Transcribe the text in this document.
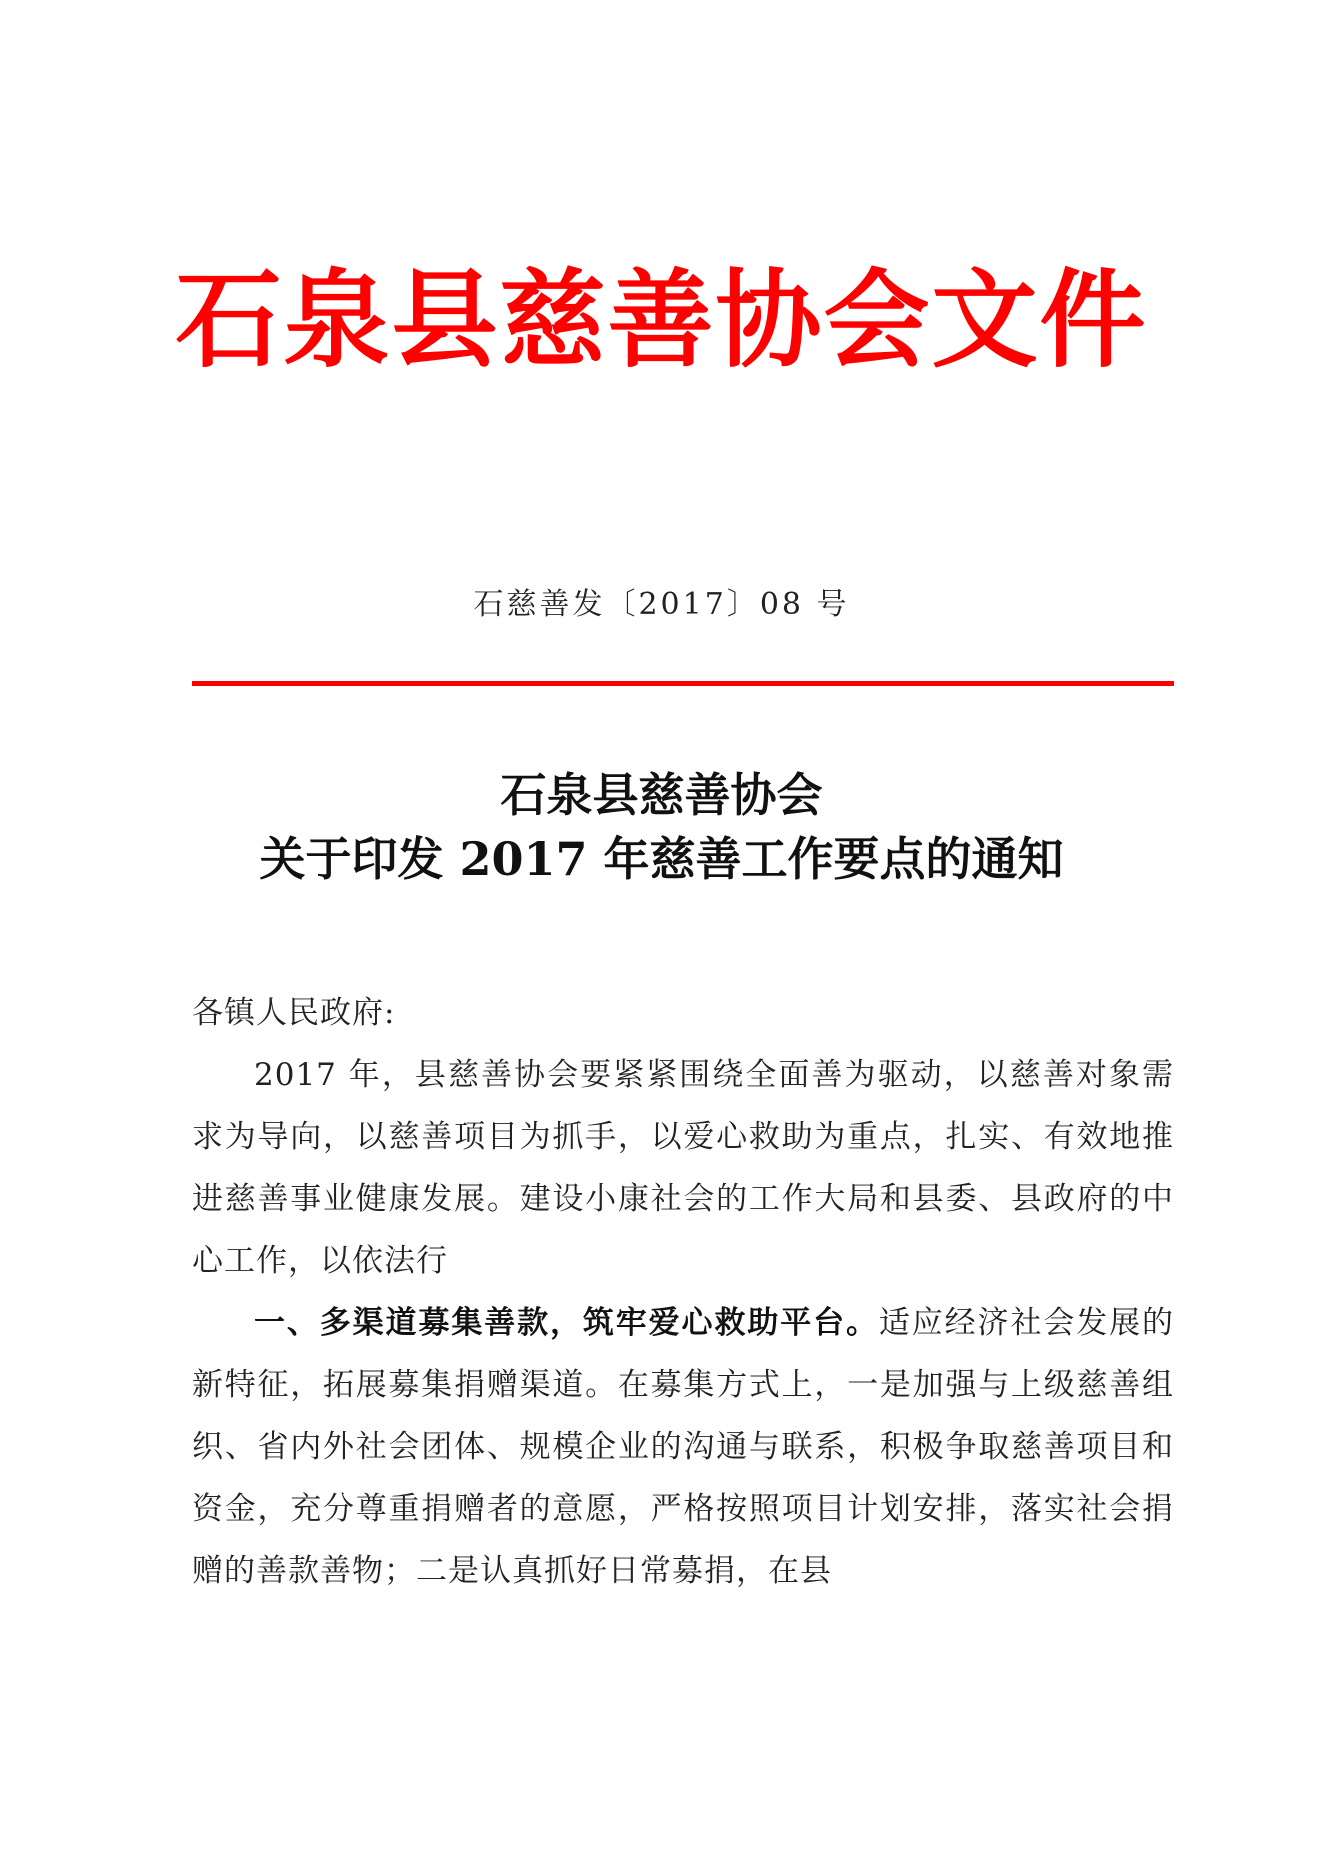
石泉县慈善协会文件
石慈善发〔2017〕08 号
石泉县慈善协会
关于印发 2017 年慈善工作要点的通知

各镇人民政府:

2017 年，县慈善协会要紧紧围绕全面善为驱动，以慈善对象需求为导向，以慈善项目为抓手，以爱心救助为重点，扎实、有效地推进慈善事业健康发展。建设小康社会的工作大局和县委、县政府的中心工作，以依法行

一、多渠道募集善款，筑牢爱心救助平台。适应经济社会发展的新特征，拓展募集捐赠渠道。在募集方式上，一是加强与上级慈善组织、省内外社会团体、规模企业的沟通与联系，积极争取慈善项目和资金，充分尊重捐赠者的意愿，严格按照项目计划安排，落实社会捐赠的善款善物；二是认真抓好日常募捐，在县
